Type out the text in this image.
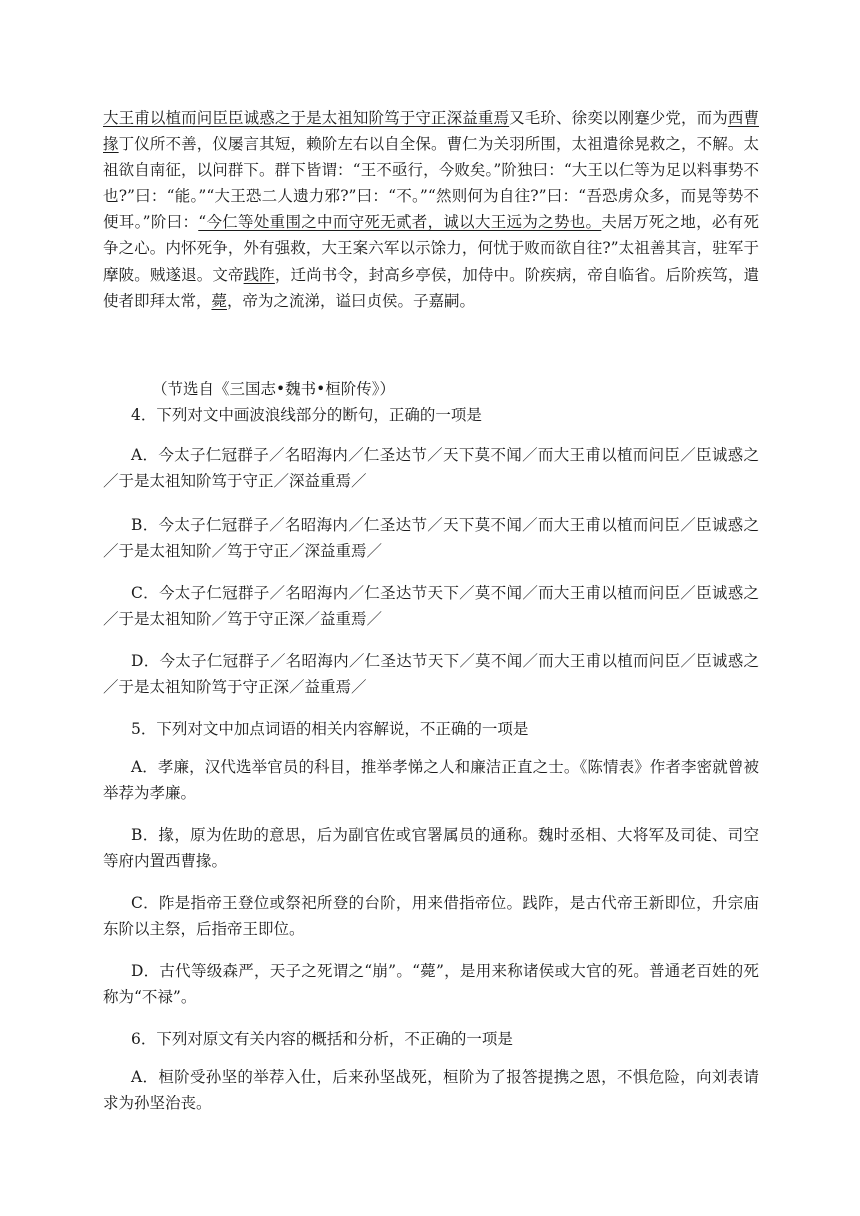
大王甫以植而问臣臣诚惑之于是太祖知阶笃于守正深益重焉又毛玠、徐奕以刚蹇少党，而为西曹掾丁仪所不善，仪屡言其短，赖阶左右以自全保。曹仁为关羽所围，太祖遣徐晃救之，不解。太祖欲自南征，以问群下。群下皆谓：“王不亟行，今败矣。”阶独曰：“大王以仁等为足以料事势不也?”曰：“能。”“大王恐二人遗力邪?”曰：“不。”“然则何为自往?”曰：“吾恐虏众多，而晃等势不便耳。”阶曰：“今仁等处重围之中而守死无贰者，诚以大王远为之势也。夫居万死之地，必有死争之心。内怀死争，外有强救，大王案六军以示馀力，何忧于败而欲自往?”太祖善其言，驻军于摩陂。贼遂退。文帝践阼，迁尚书令，封高乡亭侯，加侍中。阶疾病，帝自临省。后阶疾笃，遣使者即拜太常，薨，帝为之流涕，谥曰贞侯。子嘉嗣。
（节选自《三国志•魏书•桓阶传》）
4．下列对文中画波浪线部分的断句，正确的一项是
A．今太子仁冠群子／名昭海内／仁圣达节／天下莫不闻／而大王甫以植而问臣／臣诚惑之／于是太祖知阶笃于守正／深益重焉／
B．今太子仁冠群子／名昭海内／仁圣达节／天下莫不闻／而大王甫以植而问臣／臣诚惑之／于是太祖知阶／笃于守正／深益重焉／
C．今太子仁冠群子／名昭海内／仁圣达节天下／莫不闻／而大王甫以植而问臣／臣诚惑之／于是太祖知阶／笃于守正深／益重焉／
D．今太子仁冠群子／名昭海内／仁圣达节天下／莫不闻／而大王甫以植而问臣／臣诚惑之／于是太祖知阶笃于守正深／益重焉／
5．下列对文中加点词语的相关内容解说，不正确的一项是
A．孝廉，汉代选举官员的科目，推举孝悌之人和廉洁正直之士。《陈情表》作者李密就曾被举荐为孝廉。
B．掾，原为佐助的意思，后为副官佐或官署属员的通称。魏时丞相、大将军及司徒、司空等府内置西曹掾。
C．阼是指帝王登位或祭祀所登的台阶，用来借指帝位。践阼，是古代帝王新即位，升宗庙东阶以主祭，后指帝王即位。
D．古代等级森严，天子之死谓之“崩”。“薨”，是用来称诸侯或大官的死。普通老百姓的死称为“不禄”。
6．下列对原文有关内容的概括和分析，不正确的一项是
A．桓阶受孙坚的举荐入仕，后来孙坚战死，桓阶为了报答提携之恩，不惧危险，向刘表请求为孙坚治丧。
